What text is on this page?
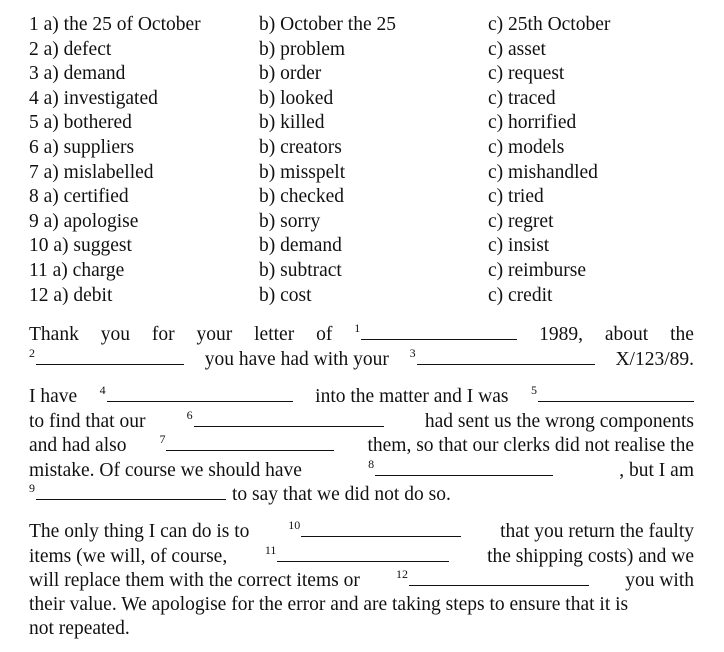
1 a) the 25 of October	b) October the 25	c) 25th October
2 a) defect	b) problem	c) asset
3 a) demand	b) order	c) request
4 a) investigated	b) looked	c) traced
5 a) bothered	b) killed	c) horrified
6 a) suppliers	b) creators	c) models
7 a) mislabelled	b) misspelt	c) mishandled
8 a) certified	b) checked	c) tried
9 a) apologise	b) sorry	c) regret
10 a) suggest	b) demand	c) insist
11 a) charge	b) subtract	c) reimburse
12 a) debit	b) cost	c) credit
Thank you for your letter of $^1$	1989, about the
$^2$	you have had with your $^3$	X/123/89.
I have $^4$	into the matter and I was $^5$
to find that our	$^6$	had sent us the wrong components
and had also	$^7$	them, so that our clerks did not realise the
mistake. Of course we should have	$^8$	, but I am
$^9$	to say that we did not do so.
The only thing I can do is to	$^{10}$	that you return the faulty
items (we will, of course,	$^{11}$	the shipping costs) and we
will replace them with the correct items or	$^{12}$	you with
their value. We apologise for the error and are taking steps to ensure that it is
not repeated.
